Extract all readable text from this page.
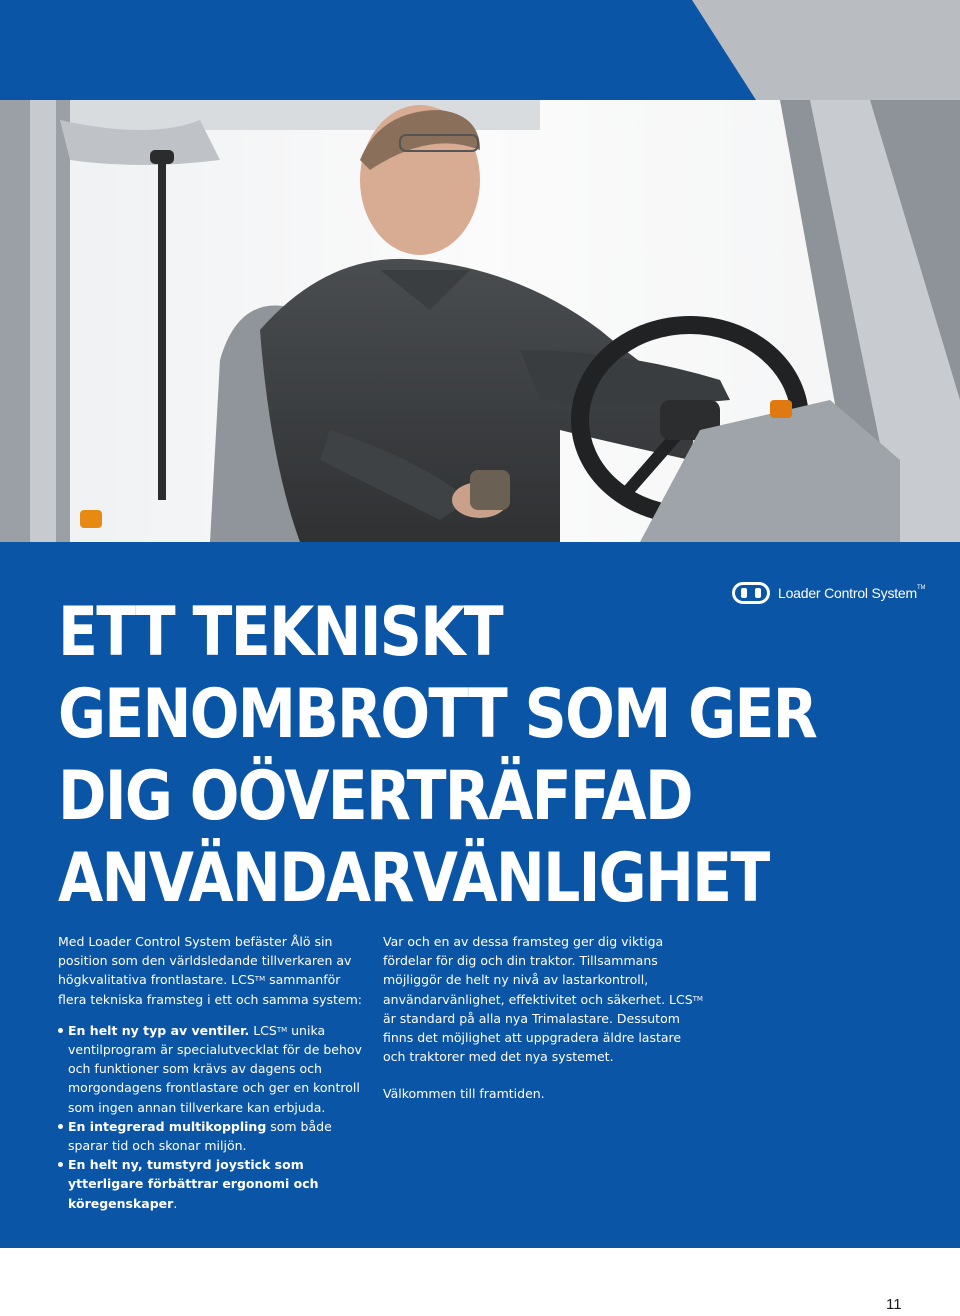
Loader Control System™
ETT TEKNISKT
GENOMBROTT SOM GER
DIG OÖVERTRÄFFAD
ANVÄNDARVÄNLIGHET

Med Loader Control System befäster Ålö sin position som den världsledande tillverkaren av högkvalitativa frontlastare. LCS™ sammanför flera tekniska framsteg i ett och samma system:

En helt ny typ av ventiler. LCS™ unika ventilprogram är specialutvecklat för de behov och funktioner som krävs av dagens och morgondagens frontlastare och ger en kontroll som ingen annan tillverkare kan erbjuda.
En integrerad multikoppling som både sparar tid och skonar miljön.
En helt ny, tumstyrd joystick som ytterligare förbättrar ergonomi och köregenskaper.

Var och en av dessa framsteg ger dig viktiga fördelar för dig och din traktor. Tillsammans möjliggör de helt ny nivå av lastarkontroll, användarvänlighet, effektivitet och säkerhet. LCS™ är standard på alla nya Trimalastare. Dessutom finns det möjlighet att uppgradera äldre lastare och traktorer med det nya systemet.

Välkommen till framtiden.

11
